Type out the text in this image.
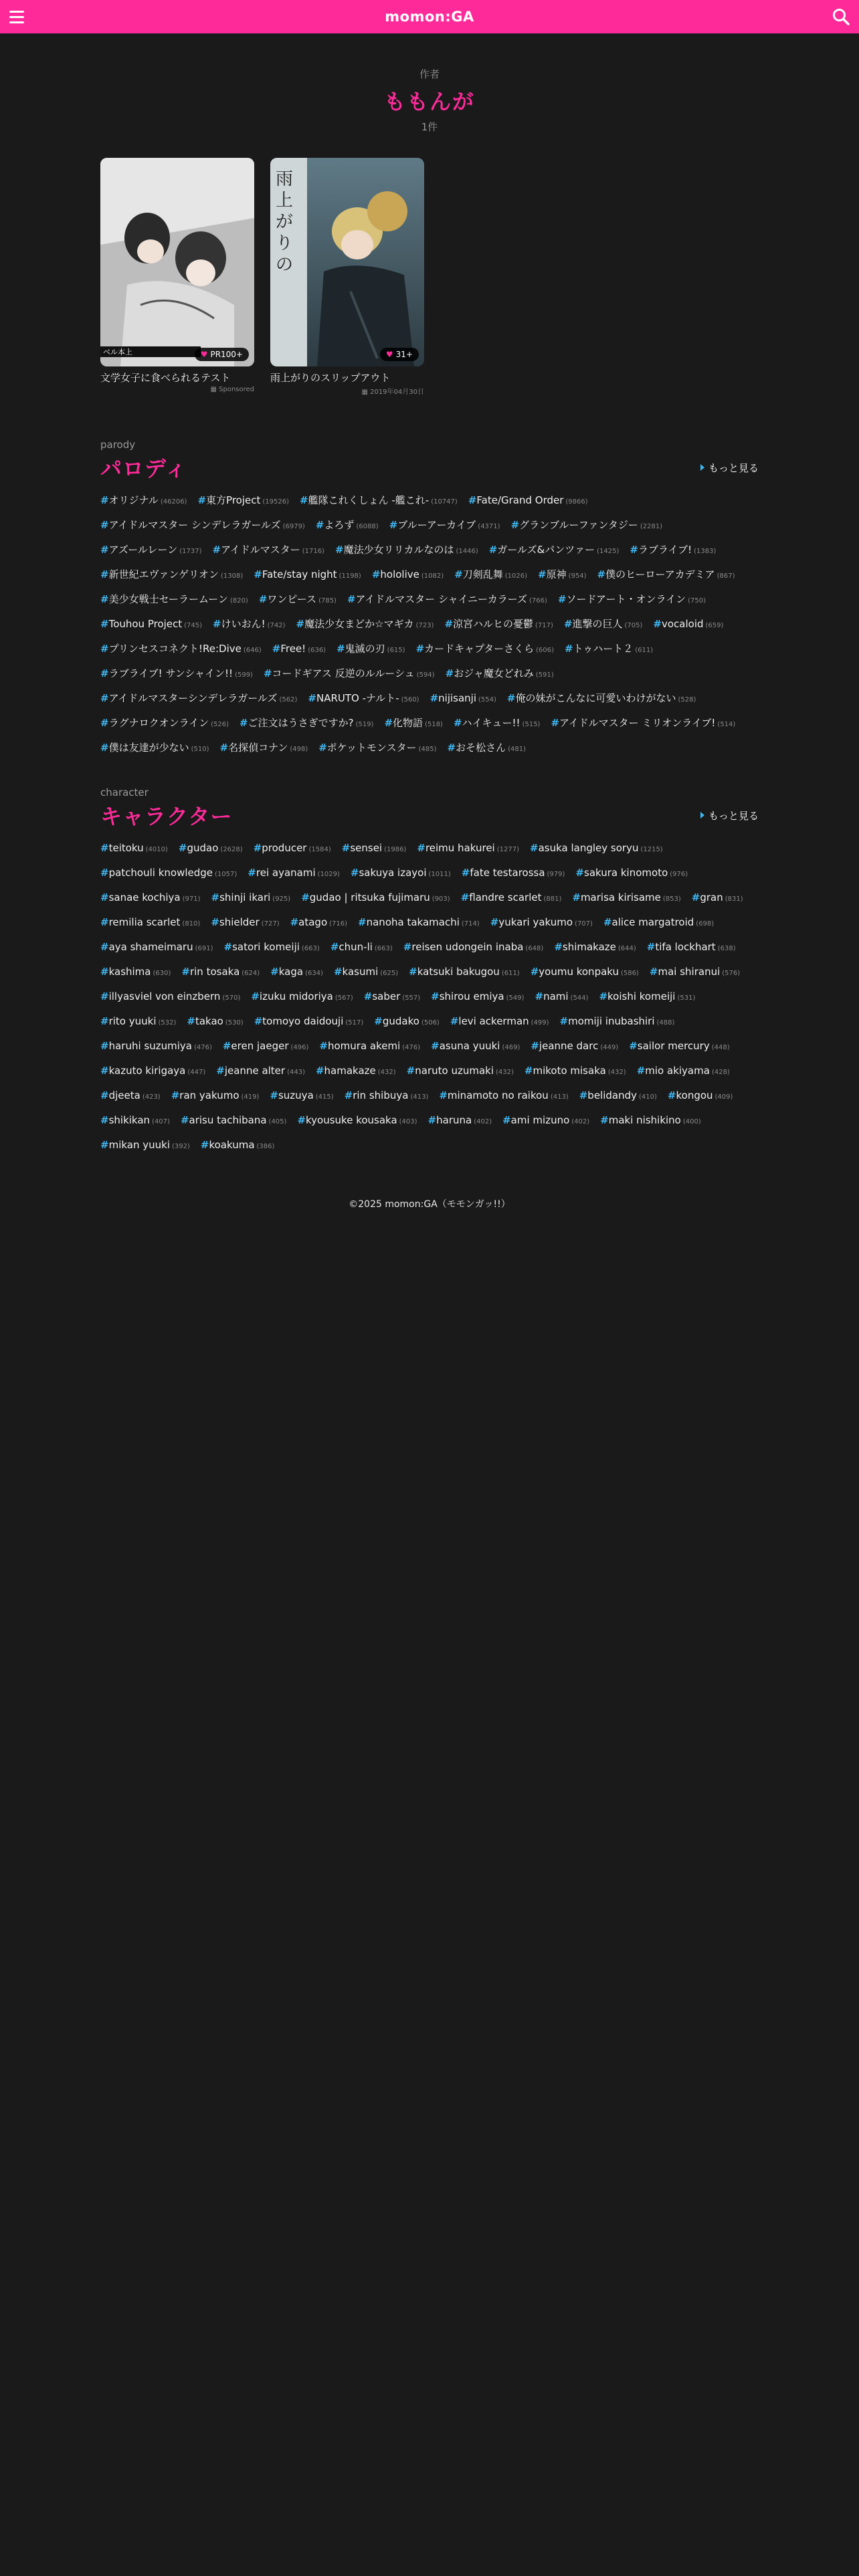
momon:GA
作者
ももんが
1件
ベル本上	♥ PR100+
文学女子に食べられるテスト
▦ Sponsored
雨
上
が
り
の
♥ 31+
雨上がりのスリップアウト
▦ 2019年04月30日
parody
パロディ	もっと見る
#オリジナル (46206) #東方Project (19526) #艦隊これくしょん -艦これ- (10747) #Fate/Grand Order (9866)
#アイドルマスター シンデレラガールズ (6979) #よろず (6088) #ブルーアーカイブ (4371) #グランブルーファンタジー (2281)
#アズールレーン (1737) #アイドルマスター (1716) #魔法少女リリカルなのは (1446) #ガールズ&パンツァー (1425) #ラブライブ! (1383)
#新世紀エヴァンゲリオン (1308) #Fate/stay night (1198) #hololive (1082) #刀剣乱舞 (1026) #原神 (954) #僕のヒーローアカデミア (867)
#美少女戦士セーラームーン (820) #ワンピース (785) #アイドルマスター シャイニーカラーズ (766) #ソードアート・オンライン (750)
#Touhou Project (745) #けいおん! (742) #魔法少女まどか☆マギカ (723) #涼宮ハルヒの憂鬱 (717) #進撃の巨人 (705) #vocaloid (659)
#プリンセスコネクト!Re:Dive (646) #Free! (636) #鬼滅の刃 (615) #カードキャプターさくら (606) #トゥハート２ (611)
#ラブライブ! サンシャイン!! (599) #コードギアス 反逆のルルーシュ (594) #おジャ魔女どれみ (591)
#アイドルマスターシンデレラガールズ (562) #NARUTO -ナルト- (560) #nijisanji (554) #俺の妹がこんなに可愛いわけがない (528)
#ラグナロクオンライン (526) #ご注文はうさぎですか? (519) #化物語 (518) #ハイキュー!! (515) #アイドルマスター ミリオンライブ! (514)
#僕は友達が少ない (510) #名探偵コナン (498) #ポケットモンスター (485) #おそ松さん (481)
character
キャラクター	もっと見る
#teitoku (4010) #gudao (2628) #producer (1584) #sensei (1986) #reimu hakurei (1277) #asuka langley soryu (1215)
#patchouli knowledge (1057) #rei ayanami (1029) #sakuya izayoi (1011) #fate testarossa (979) #sakura kinomoto (976)
#sanae kochiya (971) #shinji ikari (925) #gudao | ritsuka fujimaru (903) #flandre scarlet (881) #marisa kirisame (853) #gran (831)
#remilia scarlet (810) #shielder (727) #atago (716) #nanoha takamachi (714) #yukari yakumo (707) #alice margatroid (698)
#aya shameimaru (691) #satori komeiji (663) #chun-li (663) #reisen udongein inaba (648) #shimakaze (644) #tifa lockhart (638)
#kashima (630) #rin tosaka (624) #kaga (634) #kasumi (625) #katsuki bakugou (611) #youmu konpaku (586) #mai shiranui (576)
#illyasviel von einzbern (570) #izuku midoriya (567) #saber (557) #shirou emiya (549) #nami (544) #koishi komeiji (531)
#rito yuuki (532) #takao (530) #tomoyo daidouji (517) #gudako (506) #levi ackerman (499) #momiji inubashiri (488)
#haruhi suzumiya (476) #eren jaeger (496) #homura akemi (476) #asuna yuuki (469) #jeanne darc (449) #sailor mercury (448)
#kazuto kirigaya (447) #jeanne alter (443) #hamakaze (432) #naruto uzumaki (432) #mikoto misaka (432) #mio akiyama (428)
#djeeta (423) #ran yakumo (419) #suzuya (415) #rin shibuya (413) #minamoto no raikou (413) #belidandy (410) #kongou (409)
#shikikan (407) #arisu tachibana (405) #kyousuke kousaka (403) #haruna (402) #ami mizuno (402) #maki nishikino (400)
#mikan yuuki (392) #koakuma (386)
©2025 momon:GA（モモンガッ!!）
